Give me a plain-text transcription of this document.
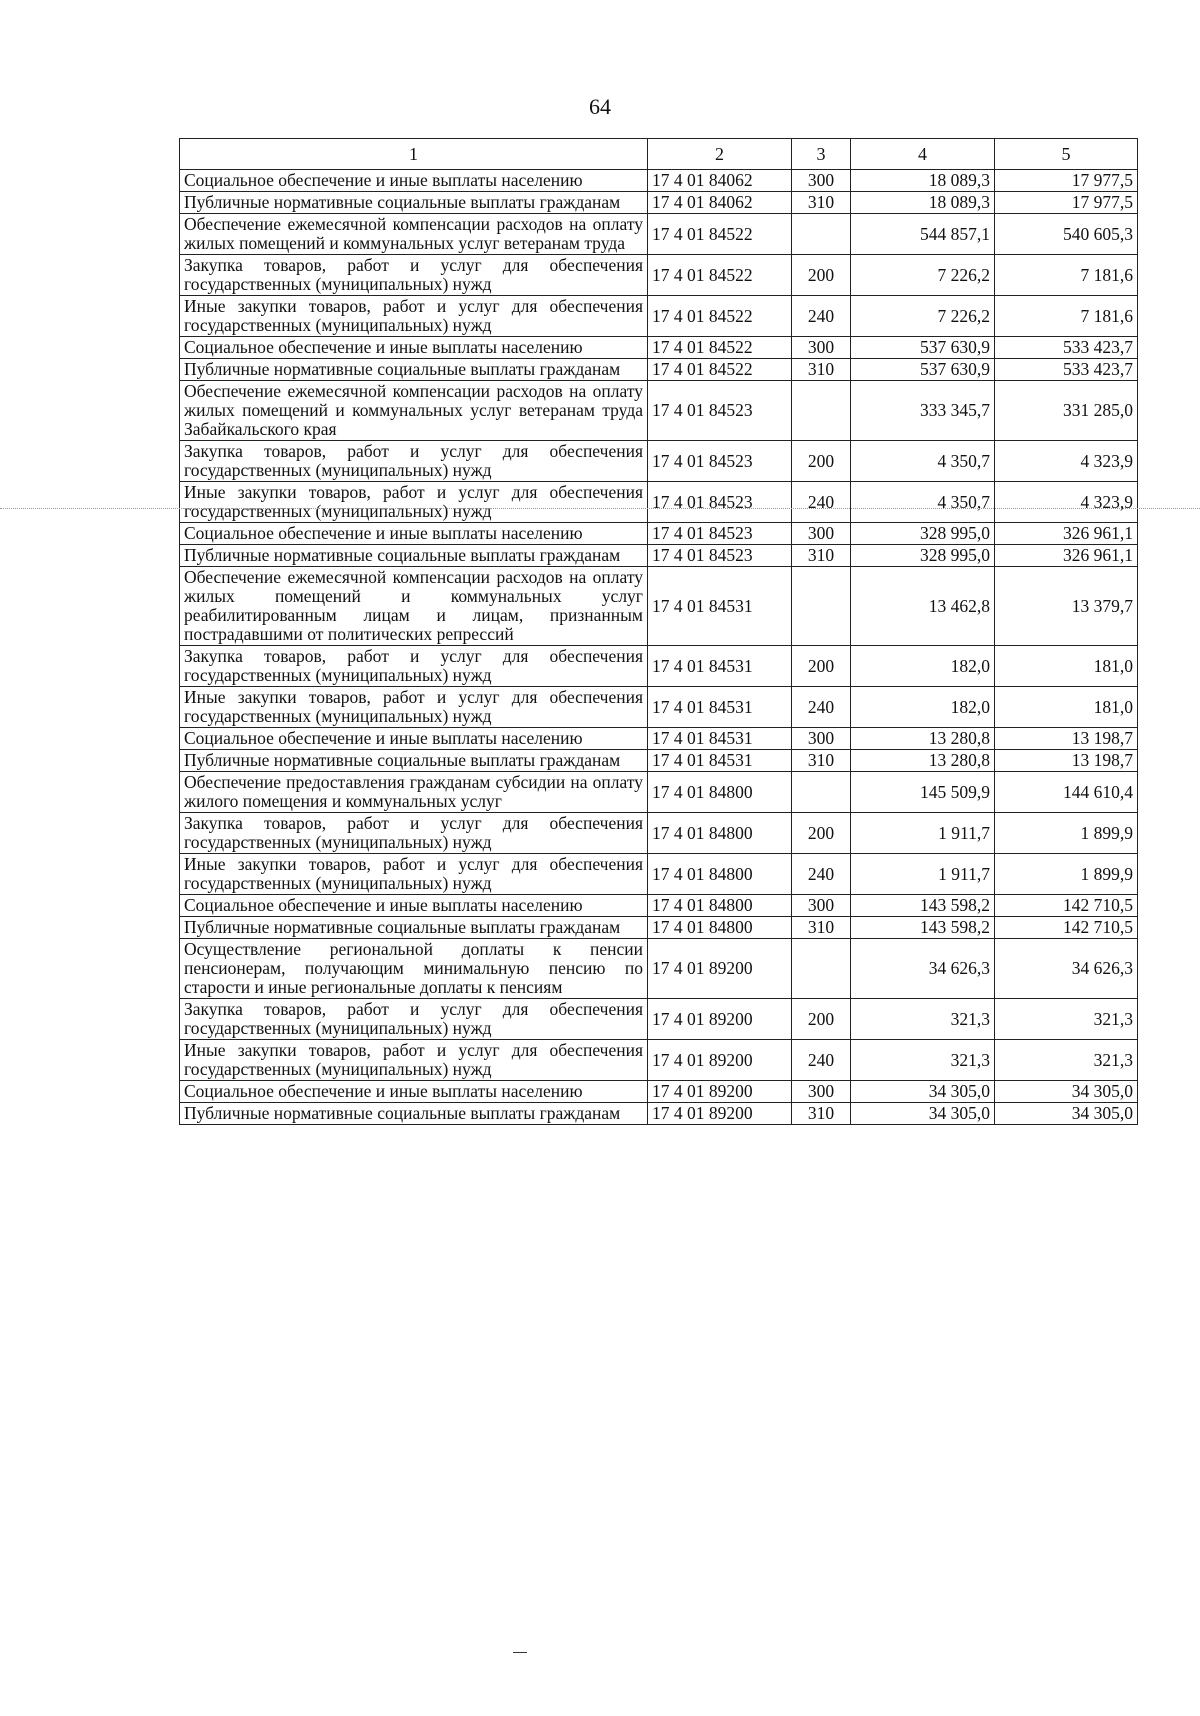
64
1	2	3	4	5
Социальное обеспечение и иные выплаты населению	17 4 01 84062	300	18 089,3	17 977,5
Публичные нормативные социальные выплаты гражданам	17 4 01 84062	310	18 089,3	17 977,5
Обеспечение ежемесячной компенсации расходов на оплату жилых помещений и коммунальных услуг ветеранам труда	17 4 01 84522		544 857,1	540 605,3
Закупка товаров, работ и услуг для обеспечения государственных (муниципальных) нужд	17 4 01 84522	200	7 226,2	7 181,6
Иные закупки товаров, работ и услуг для обеспечения государственных (муниципальных) нужд	17 4 01 84522	240	7 226,2	7 181,6
Социальное обеспечение и иные выплаты населению	17 4 01 84522	300	537 630,9	533 423,7
Публичные нормативные социальные выплаты гражданам	17 4 01 84522	310	537 630,9	533 423,7
Обеспечение ежемесячной компенсации расходов на оплату жилых помещений и коммунальных услуг ветеранам труда Забайкальского края	17 4 01 84523		333 345,7	331 285,0
Закупка товаров, работ и услуг для обеспечения государственных (муниципальных) нужд	17 4 01 84523	200	4 350,7	4 323,9
Иные закупки товаров, работ и услуг для обеспечения государственных (муниципальных) нужд	17 4 01 84523	240	4 350,7	4 323,9
Социальное обеспечение и иные выплаты населению	17 4 01 84523	300	328 995,0	326 961,1
Публичные нормативные социальные выплаты гражданам	17 4 01 84523	310	328 995,0	326 961,1
Обеспечение ежемесячной компенсации расходов на оплату жилых помещений и коммунальных услуг реабилитированным лицам и лицам, признанным пострадавшими от политических репрессий	17 4 01 84531		13 462,8	13 379,7
Закупка товаров, работ и услуг для обеспечения государственных (муниципальных) нужд	17 4 01 84531	200	182,0	181,0
Иные закупки товаров, работ и услуг для обеспечения государственных (муниципальных) нужд	17 4 01 84531	240	182,0	181,0
Социальное обеспечение и иные выплаты населению	17 4 01 84531	300	13 280,8	13 198,7
Публичные нормативные социальные выплаты гражданам	17 4 01 84531	310	13 280,8	13 198,7
Обеспечение предоставления гражданам субсидии на оплату жилого помещения и коммунальных услуг	17 4 01 84800		145 509,9	144 610,4
Закупка товаров, работ и услуг для обеспечения государственных (муниципальных) нужд	17 4 01 84800	200	1 911,7	1 899,9
Иные закупки товаров, работ и услуг для обеспечения государственных (муниципальных) нужд	17 4 01 84800	240	1 911,7	1 899,9
Социальное обеспечение и иные выплаты населению	17 4 01 84800	300	143 598,2	142 710,5
Публичные нормативные социальные выплаты гражданам	17 4 01 84800	310	143 598,2	142 710,5
Осуществление региональной доплаты к пенсии пенсионерам, получающим минимальную пенсию по старости и иные региональные доплаты к пенсиям	17 4 01 89200		34 626,3	34 626,3
Закупка товаров, работ и услуг для обеспечения государственных (муниципальных) нужд	17 4 01 89200	200	321,3	321,3
Иные закупки товаров, работ и услуг для обеспечения государственных (муниципальных) нужд	17 4 01 89200	240	321,3	321,3
Социальное обеспечение и иные выплаты населению	17 4 01 89200	300	34 305,0	34 305,0
Публичные нормативные социальные выплаты гражданам	17 4 01 89200	310	34 305,0	34 305,0
